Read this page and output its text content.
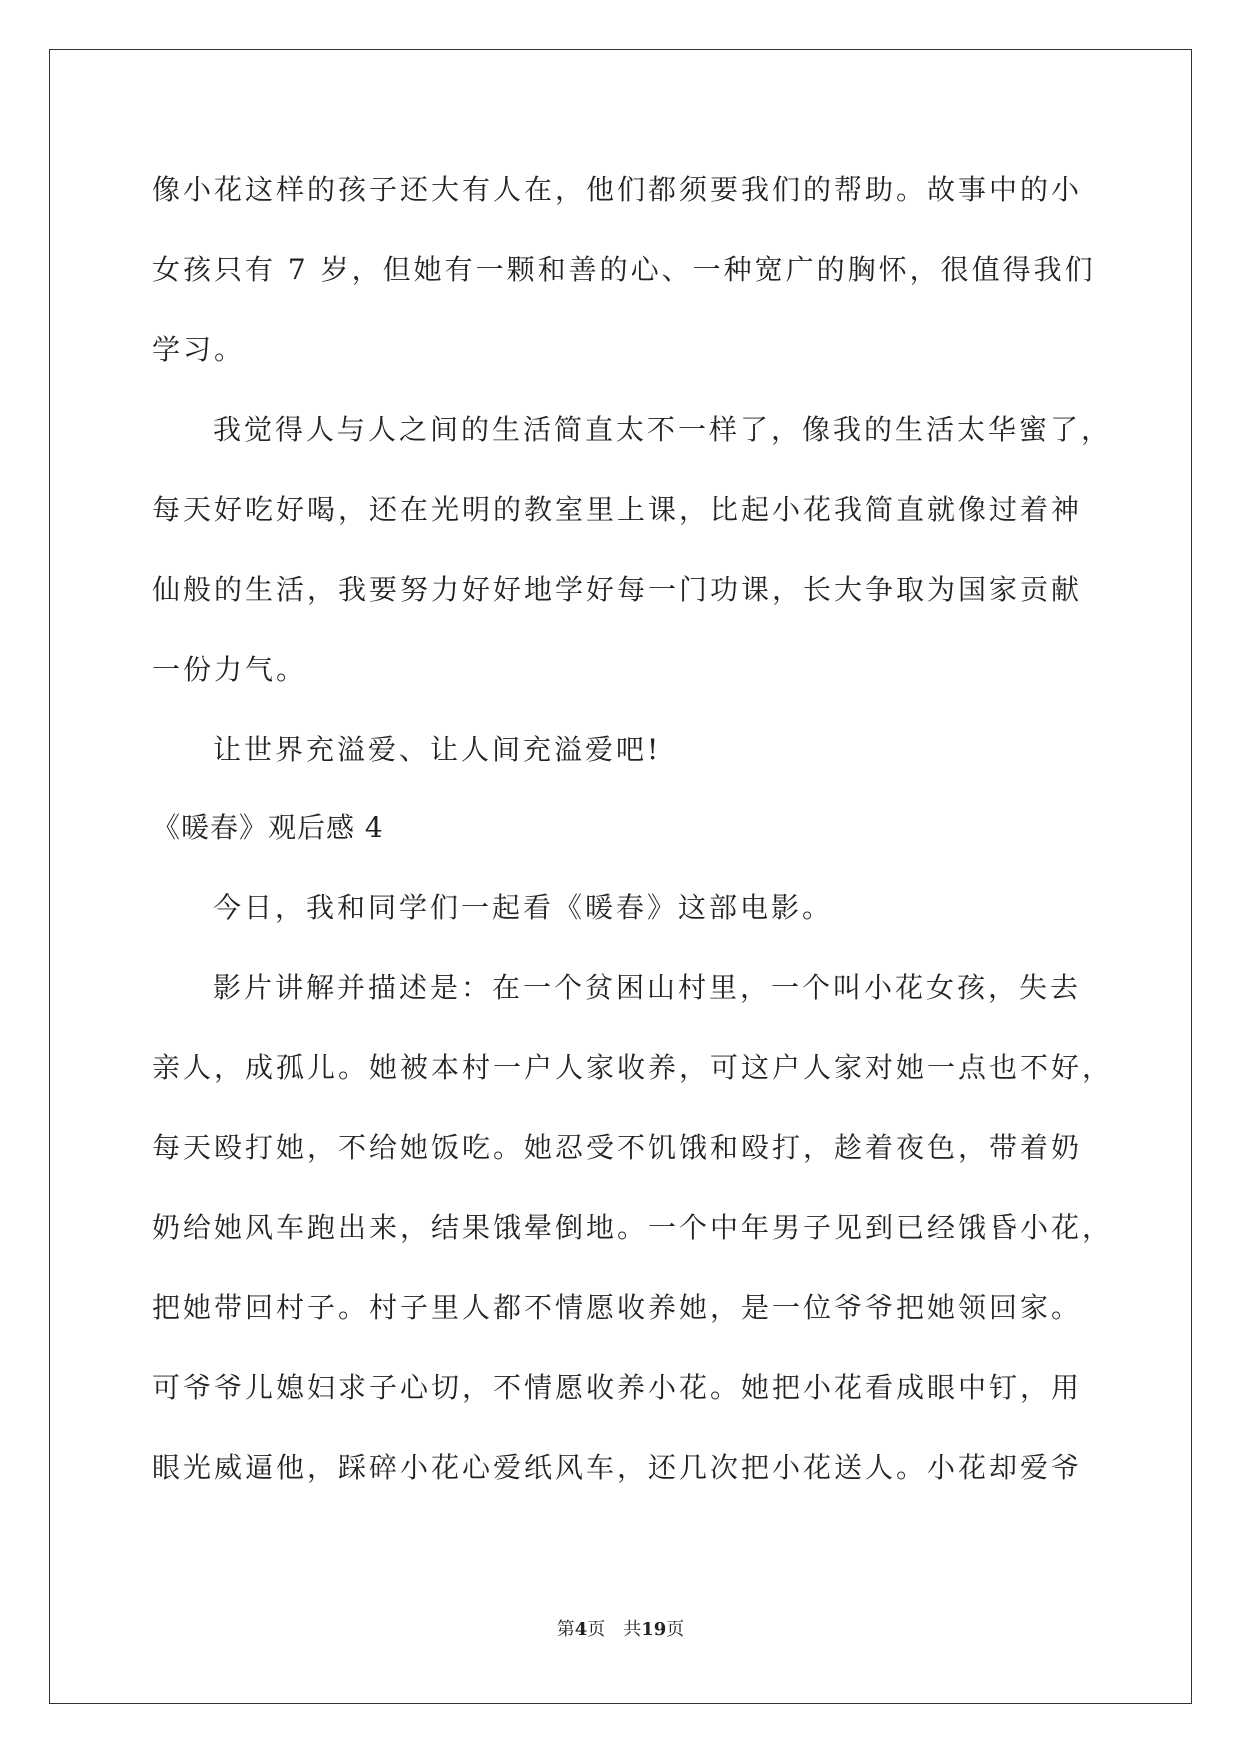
像小花这样的孩子还大有人在，他们都须要我们的帮助。故事中的小
女孩只有 7 岁，但她有一颗和善的心、一种宽广的胸怀，很值得我们
学习。
我觉得人与人之间的生活简直太不一样了，像我的生活太华蜜了，
每天好吃好喝，还在光明的教室里上课，比起小花我简直就像过着神
仙般的生活，我要努力好好地学好每一门功课，长大争取为国家贡献
一份力气。
让世界充溢爱、让人间充溢爱吧!
《暖春》观后感 4
今日，我和同学们一起看《暖春》这部电影。
影片讲解并描述是：在一个贫困山村里，一个叫小花女孩，失去
亲人，成孤儿。她被本村一户人家收养，可这户人家对她一点也不好，
每天殴打她，不给她饭吃。她忍受不饥饿和殴打，趁着夜色，带着奶
奶给她风车跑出来，结果饿晕倒地。一个中年男子见到已经饿昏小花，
把她带回村子。村子里人都不情愿收养她，是一位爷爷把她领回家。
可爷爷儿媳妇求子心切，不情愿收养小花。她把小花看成眼中钉，用
眼光威逼他，踩碎小花心爱纸风车，还几次把小花送人。小花却爱爷
第4页 共19页
